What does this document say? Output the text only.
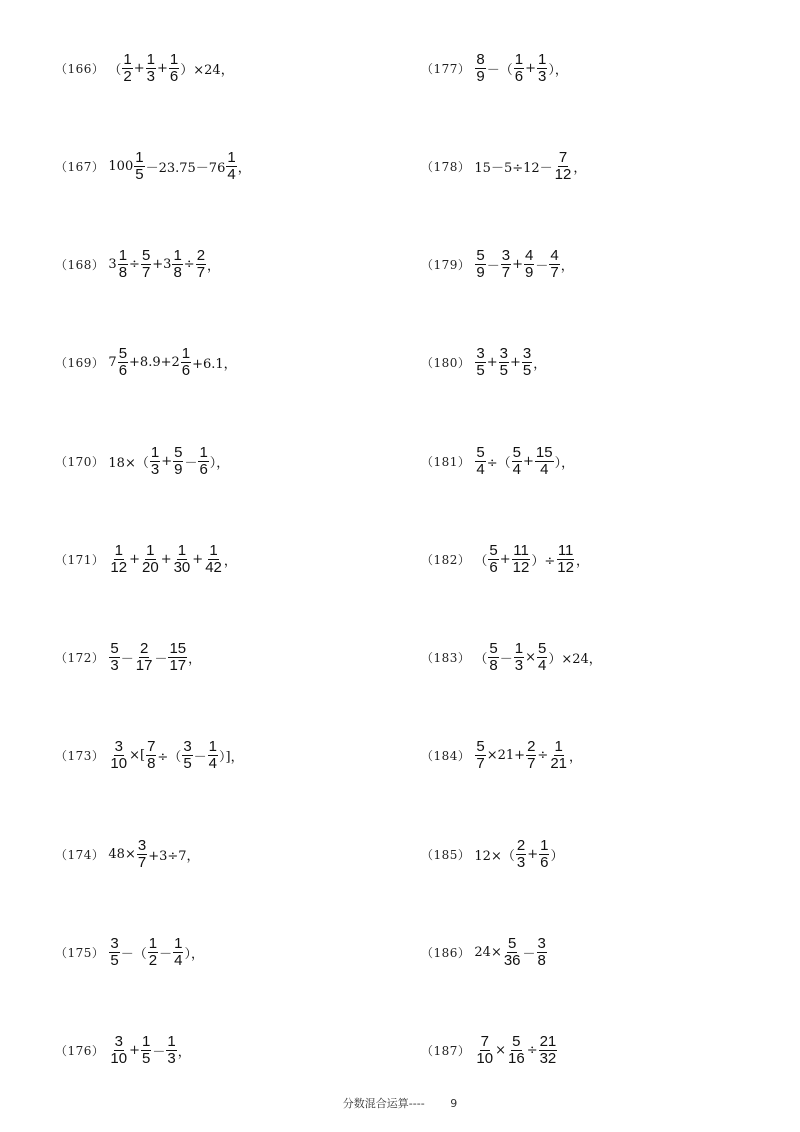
（166） （ $\frac{1}{2} + \frac{1}{3} + \frac{1}{6} )\times 24$，
（167） $100 \frac{1}{5} -23.75-76 \frac{1}{4}$ ，
（168） $3 \frac{1}{8} \div \frac{5}{7} +3 \frac{1}{8} \div \frac{2}{7}$ ，
（169） $7 \frac{5}{6} +8.9+2 \frac{1}{6} +6.1$，
（170） $18\times( \frac{1}{3} + \frac{5}{9} - \frac{1}{6}$ ），
$(171) \frac{1}{12} + \frac{1}{20} + \frac{1}{30} + \frac{1}{42}$ ，
$(172) \frac{5}{3} - \frac{2}{17} - \frac{15}{17}$ ，
$(173) \frac{3}{10}$ ×[ $\frac{7}{8}$ ÷（ $\frac{3}{5} - \frac{1}{4}$ ）]，
（174） $48\times \frac{3}{7} +3\div 7$，
$(175) \frac{3}{5}$ －（ $\frac{1}{2} - \frac{1}{4}$ ），
$(176) \frac{3}{10} + \frac{1}{5} - \frac{1}{3}$ ，
$(177) \frac{8}{9}$ －（ $\frac{1}{6} + \frac{1}{3}$ ），
（178） $15-5\div 12- \frac{7}{12}$ ，
$(179) \frac{5}{9} - \frac{3}{7} + \frac{4}{9} - \frac{4}{7}$ ，
$(180) \frac{3}{5} + \frac{3}{5} + \frac{3}{5}$ ，
$(181) \frac{5}{4}$ ÷（ $\frac{5}{4} + \frac{15}{4}$ ），
（182） （ $\frac{5}{6} + \frac{11}{12}$ ）÷ $\frac{11}{12}$ ，
（183） （ $\frac{5}{8} - \frac{1}{3} \times \frac{5}{4} )\times 24$，
$(184) \frac{5}{7} \times 21+ \frac{2}{7} \div \frac{1}{21}$ ，
（185） $12\times( \frac{2}{3} + \frac{1}{6}$ ）
（186） $24\times \frac{5}{36} - \frac{3}{8}$
$(187) \frac{7}{10} \times \frac{5}{16} \div \frac{21}{32}$
分数混合运算---- 9
